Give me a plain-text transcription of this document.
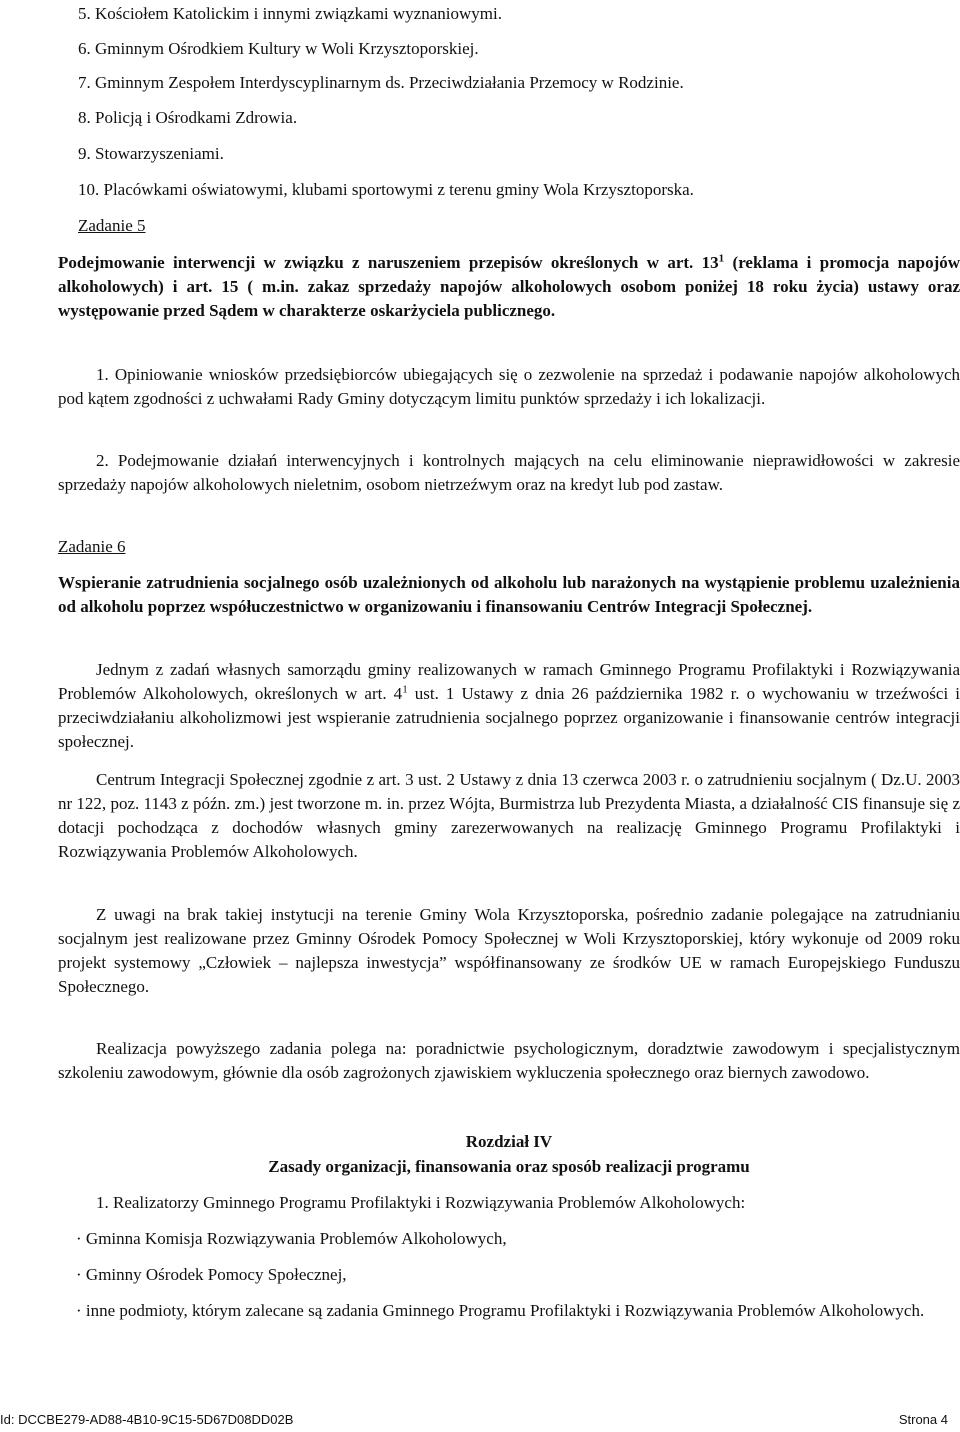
5. Kościołem Katolickim i innymi związkami wyznaniowymi.

6. Gminnym Ośrodkiem Kultury w Woli Krzysztoporskiej.

7. Gminnym Zespołem Interdyscyplinarnym ds. Przeciwdziałania Przemocy w Rodzinie.

8. Policją i Ośrodkami Zdrowia.

9. Stowarzyszeniami.

10. Placówkami oświatowymi, klubami sportowymi z terenu gminy Wola Krzysztoporska.

Zadanie 5

Podejmowanie interwencji w związku z naruszeniem przepisów określonych w art. $13^1$ (reklama i promocja napojów alkoholowych) i art. 15 ( m.in. zakaz sprzedaży napojów alkoholowych osobom poniżej 18 roku życia) ustawy oraz występowanie przed Sądem w charakterze oskarżyciela publicznego.

1. Opiniowanie wniosków przedsiębiorców ubiegających się o zezwolenie na sprzedaż i podawanie napojów alkoholowych pod kątem zgodności z uchwałami Rady Gminy dotyczącym limitu punktów sprzedaży i ich lokalizacji.

2. Podejmowanie działań interwencyjnych i kontrolnych mających na celu eliminowanie nieprawidłowości w zakresie sprzedaży napojów alkoholowych nieletnim, osobom nietrzeźwym oraz na kredyt lub pod zastaw.

Zadanie 6

Wspieranie zatrudnienia socjalnego osób uzależnionych od alkoholu lub narażonych na wystąpienie problemu uzależnienia od alkoholu poprzez współuczestnictwo w organizowaniu i finansowaniu Centrów Integracji Społecznej.

Jednym z zadań własnych samorządu gminy realizowanych w ramach Gminnego Programu Profilaktyki i Rozwiązywania Problemów Alkoholowych, określonych w art. $4^1$ ust. 1 Ustawy z dnia 26 października 1982 r. o wychowaniu w trzeźwości i przeciwdziałaniu alkoholizmowi jest wspieranie zatrudnienia socjalnego poprzez organizowanie i finansowanie centrów integracji społecznej.

Centrum Integracji Społecznej zgodnie z art. 3 ust. 2 Ustawy z dnia 13 czerwca 2003 r. o zatrudnieniu socjalnym ( Dz.U. 2003 nr 122, poz. 1143 z późn. zm.) jest tworzone m. in. przez Wójta, Burmistrza lub Prezydenta Miasta, a działalność CIS finansuje się z dotacji pochodząca z dochodów własnych gminy zarezerwowanych na realizację Gminnego Programu Profilaktyki i Rozwiązywania Problemów Alkoholowych.

Z uwagi na brak takiej instytucji na terenie Gminy Wola Krzysztoporska, pośrednio zadanie polegające na zatrudnianiu socjalnym jest realizowane przez Gminny Ośrodek Pomocy Społecznej w Woli Krzysztoporskiej, który wykonuje od 2009 roku projekt systemowy „Człowiek – najlepsza inwestycja” współfinansowany ze środków UE w ramach Europejskiego Funduszu Społecznego.

Realizacja powyższego zadania polega na: poradnictwie psychologicznym, doradztwie zawodowym i specjalistycznym szkoleniu zawodowym, głównie dla osób zagrożonych zjawiskiem wykluczenia społecznego oraz biernych zawodowo.

Rozdział IV

Zasady organizacji, finansowania oraz sposób realizacji programu

1. Realizatorzy Gminnego Programu Profilaktyki i Rozwiązywania Problemów Alkoholowych:

· Gminna Komisja Rozwiązywania Problemów Alkoholowych,

· Gminny Ośrodek Pomocy Społecznej,

· inne podmioty, którym zalecane są zadania Gminnego Programu Profilaktyki i Rozwiązywania Problemów Alkoholowych.

Id: DCCBE279-AD88-4B10-9C15-5D67D08DD02B	Strona 4
